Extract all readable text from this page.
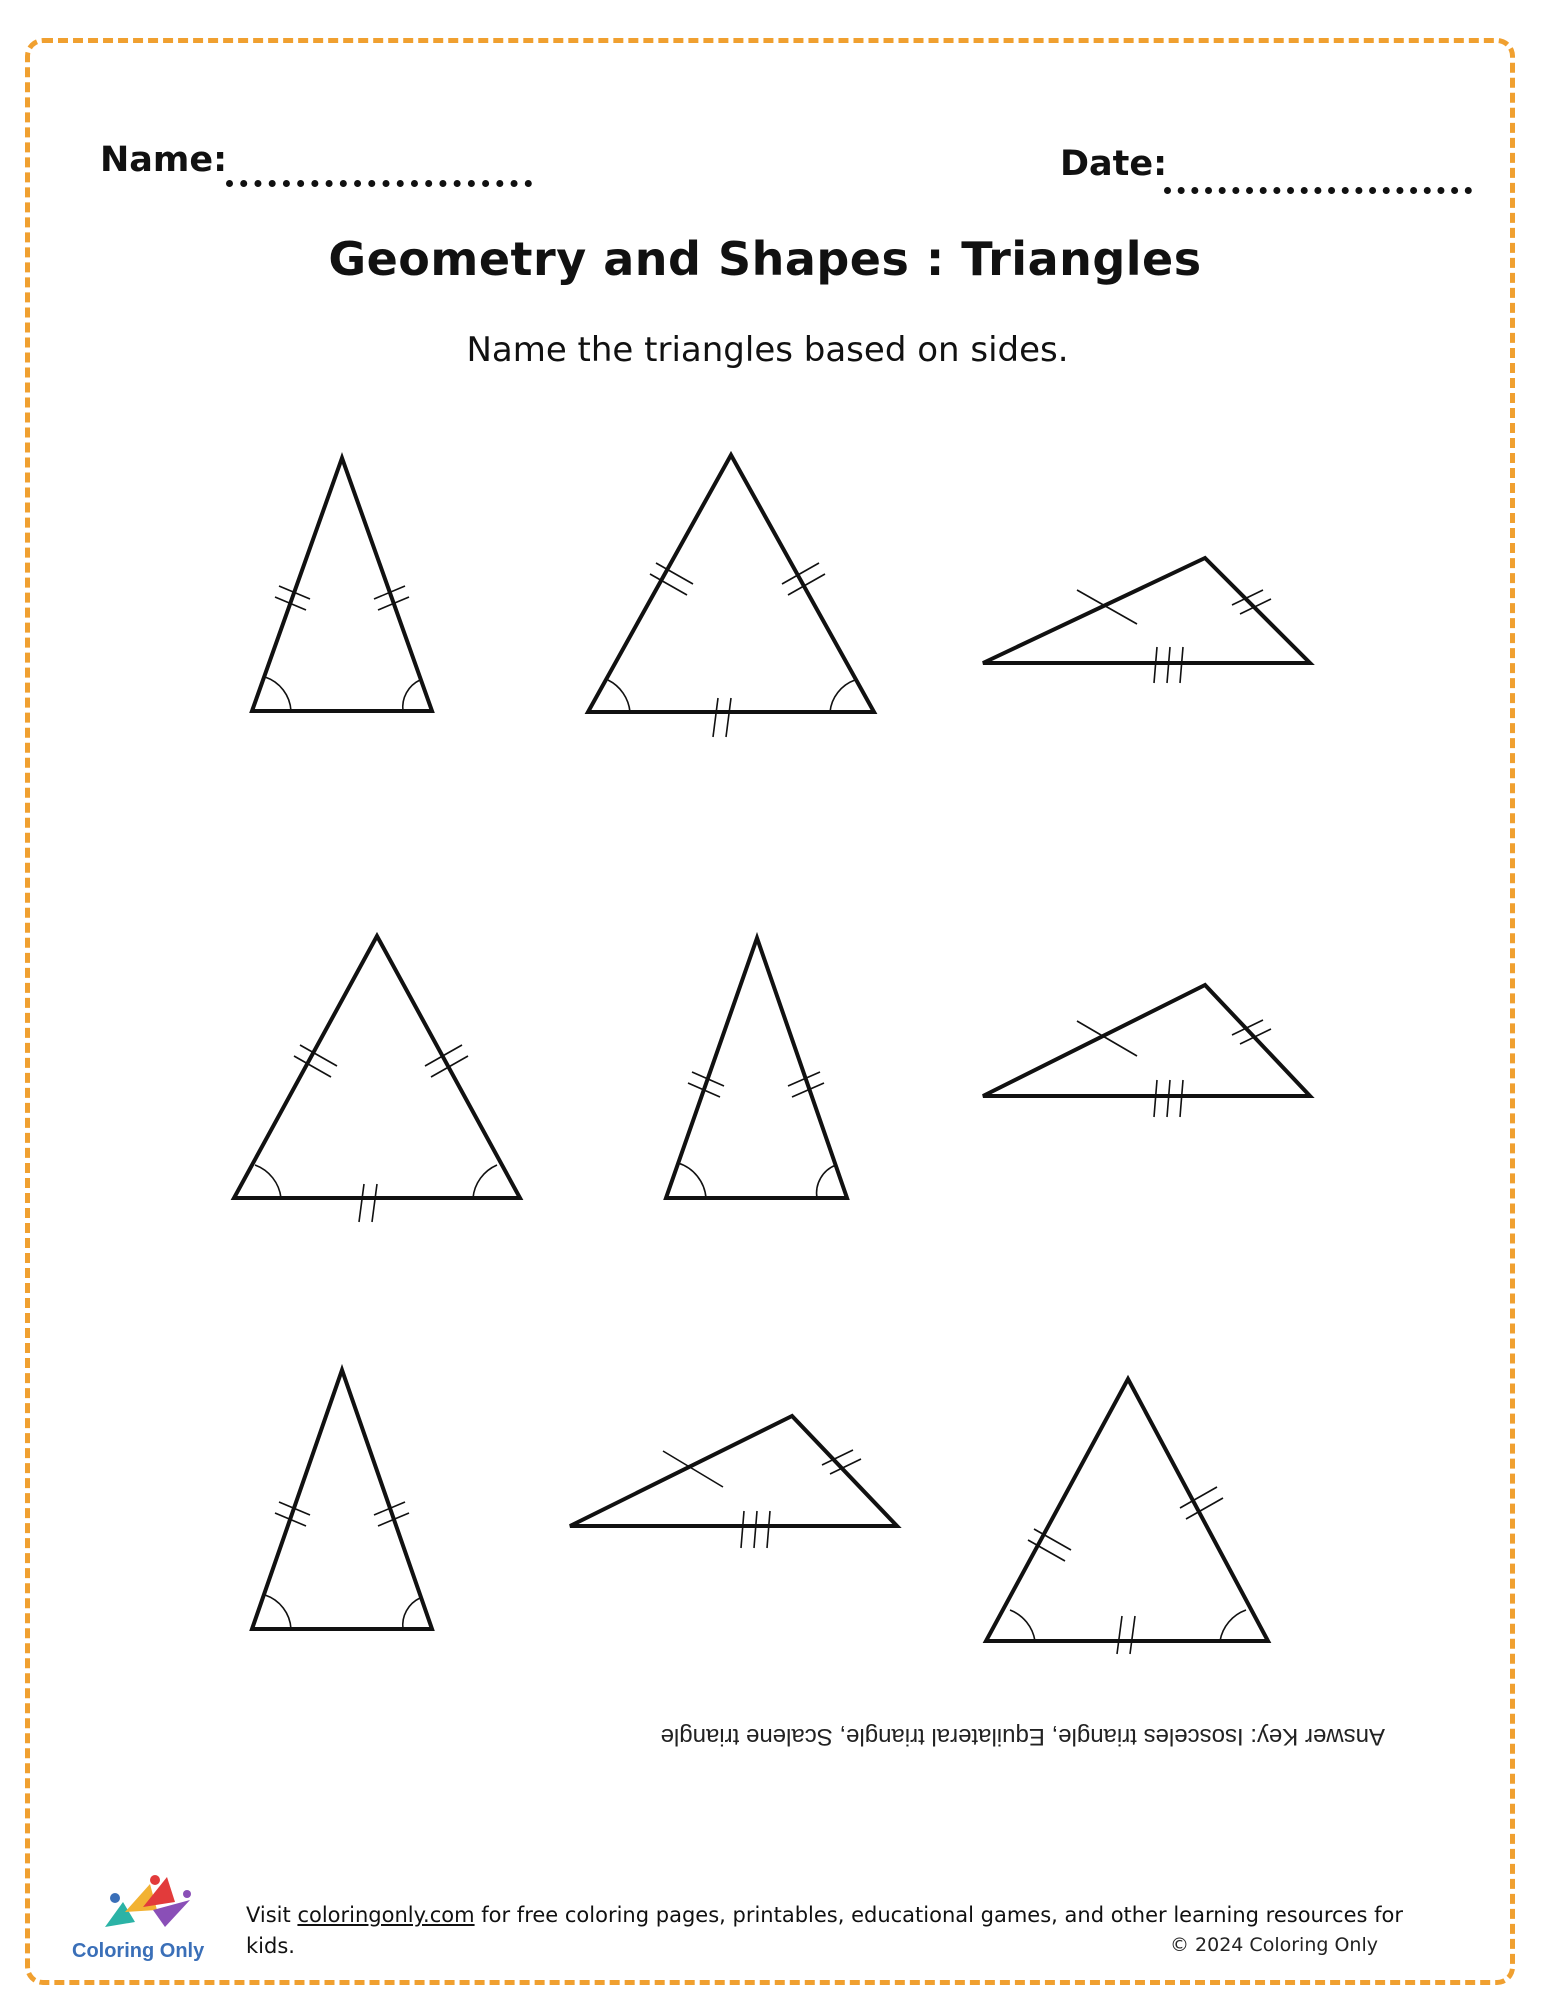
Name:	Date:
Geometry and Shapes : Triangles
Name the triangles based on sides.
Answer Key: Isosceles triangle, Equilateral triangle, Scalene triangle
Coloring Only
Visit coloringonly.com for free coloring pages, printables, educational games, and other learning resources for kids.	© 2024 Coloring Only
